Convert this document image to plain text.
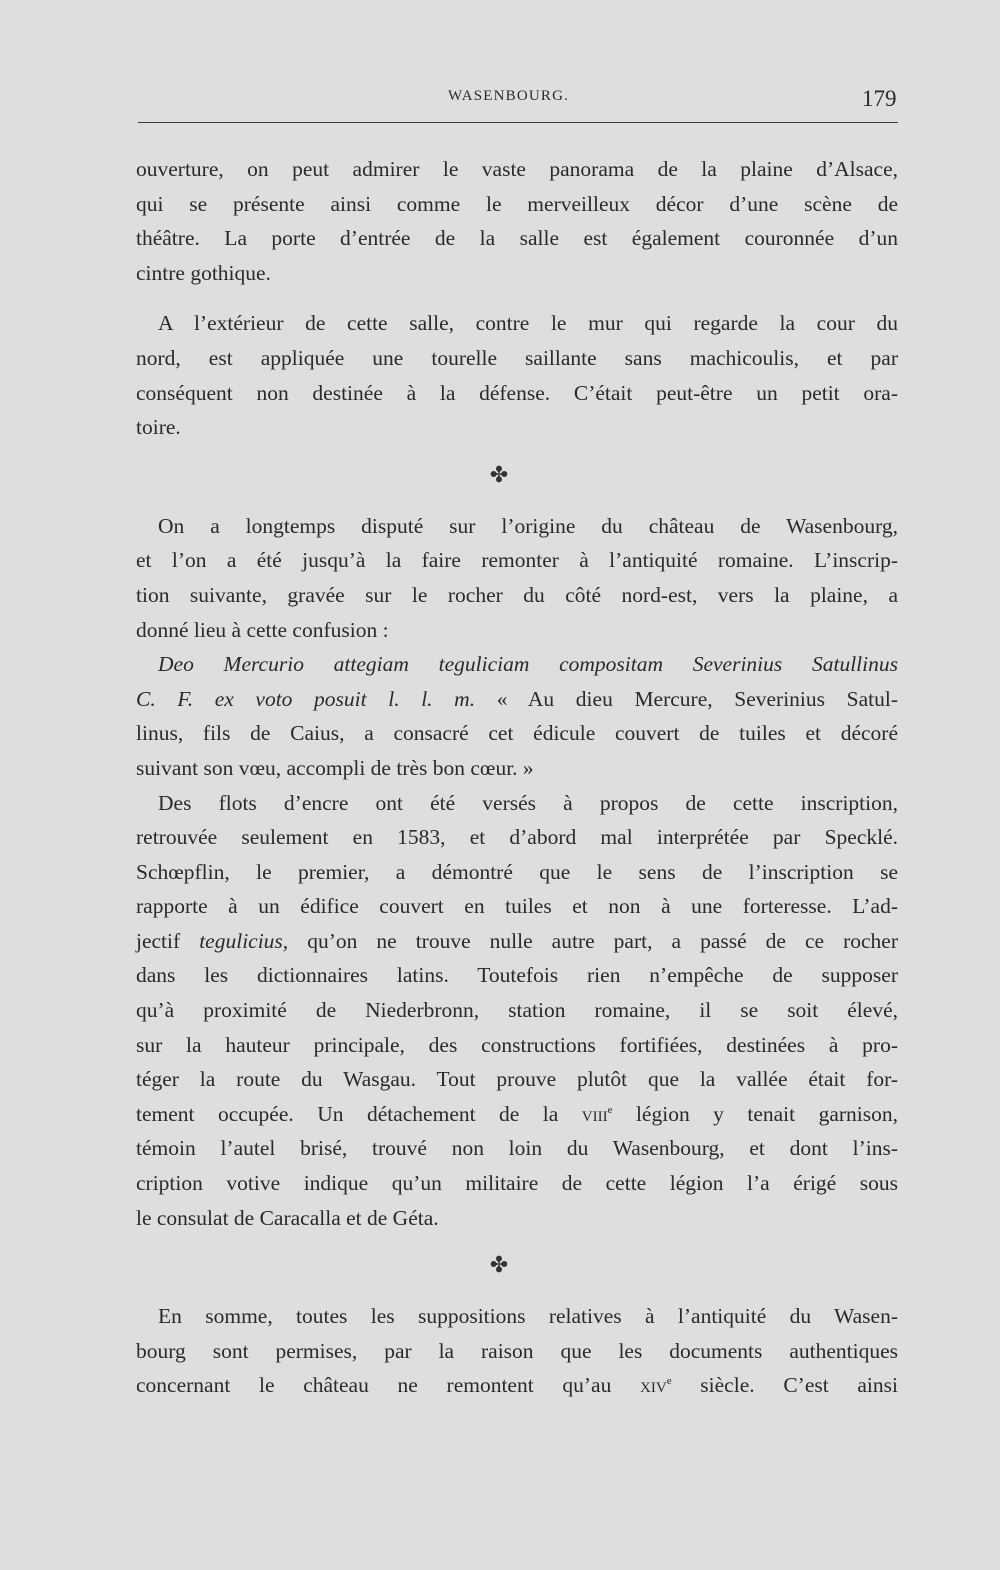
WASENBOURG.	179
ouverture, on peut admirer le vaste panorama de la plaine d’Alsace,
qui se présente ainsi comme le merveilleux décor d’une scène de
théâtre. La porte d’entrée de la salle est également couronnée d’un
cintre gothique.
A l’extérieur de cette salle, contre le mur qui regarde la cour du
nord, est appliquée une tourelle saillante sans machicoulis, et par
conséquent non destinée à la défense. C’était peut-être un petit ora-
toire.
✤
On a longtemps disputé sur l’origine du château de Wasenbourg,
et l’on a été jusqu’à la faire remonter à l’antiquité romaine. L’inscrip-
tion suivante, gravée sur le rocher du côté nord-est, vers la plaine, a
donné lieu à cette confusion :
Deo Mercurio attegiam teguliciam compositam Severinius Satullinus
C. F. ex voto posuit l. l. m. « Au dieu Mercure, Severinius Satul-
linus, fils de Caius, a consacré cet édicule couvert de tuiles et décoré
suivant son vœu, accompli de très bon cœur. »
Des flots d’encre ont été versés à propos de cette inscription,
retrouvée seulement en 1583, et d’abord mal interprétée par Specklé.
Schœpflin, le premier, a démontré que le sens de l’inscription se
rapporte à un édifice couvert en tuiles et non à une forteresse. L’ad-
jectif tegulicius, qu’on ne trouve nulle autre part, a passé de ce rocher
dans les dictionnaires latins. Toutefois rien n’empêche de supposer
qu’à proximité de Niederbronn, station romaine, il se soit élevé,
sur la hauteur principale, des constructions fortifiées, destinées à pro-
téger la route du Wasgau. Tout prouve plutôt que la vallée était for-
tement occupée. Un détachement de la viii$^e$ légion y tenait garnison,
témoin l’autel brisé, trouvé non loin du Wasenbourg, et dont l’ins-
cription votive indique qu’un militaire de cette légion l’a érigé sous
le consulat de Caracalla et de Géta.
✤
En somme, toutes les suppositions relatives à l’antiquité du Wasen-
bourg sont permises, par la raison que les documents authentiques
concernant le château ne remontent qu’au xiv$^e$ siècle. C’est ainsi
